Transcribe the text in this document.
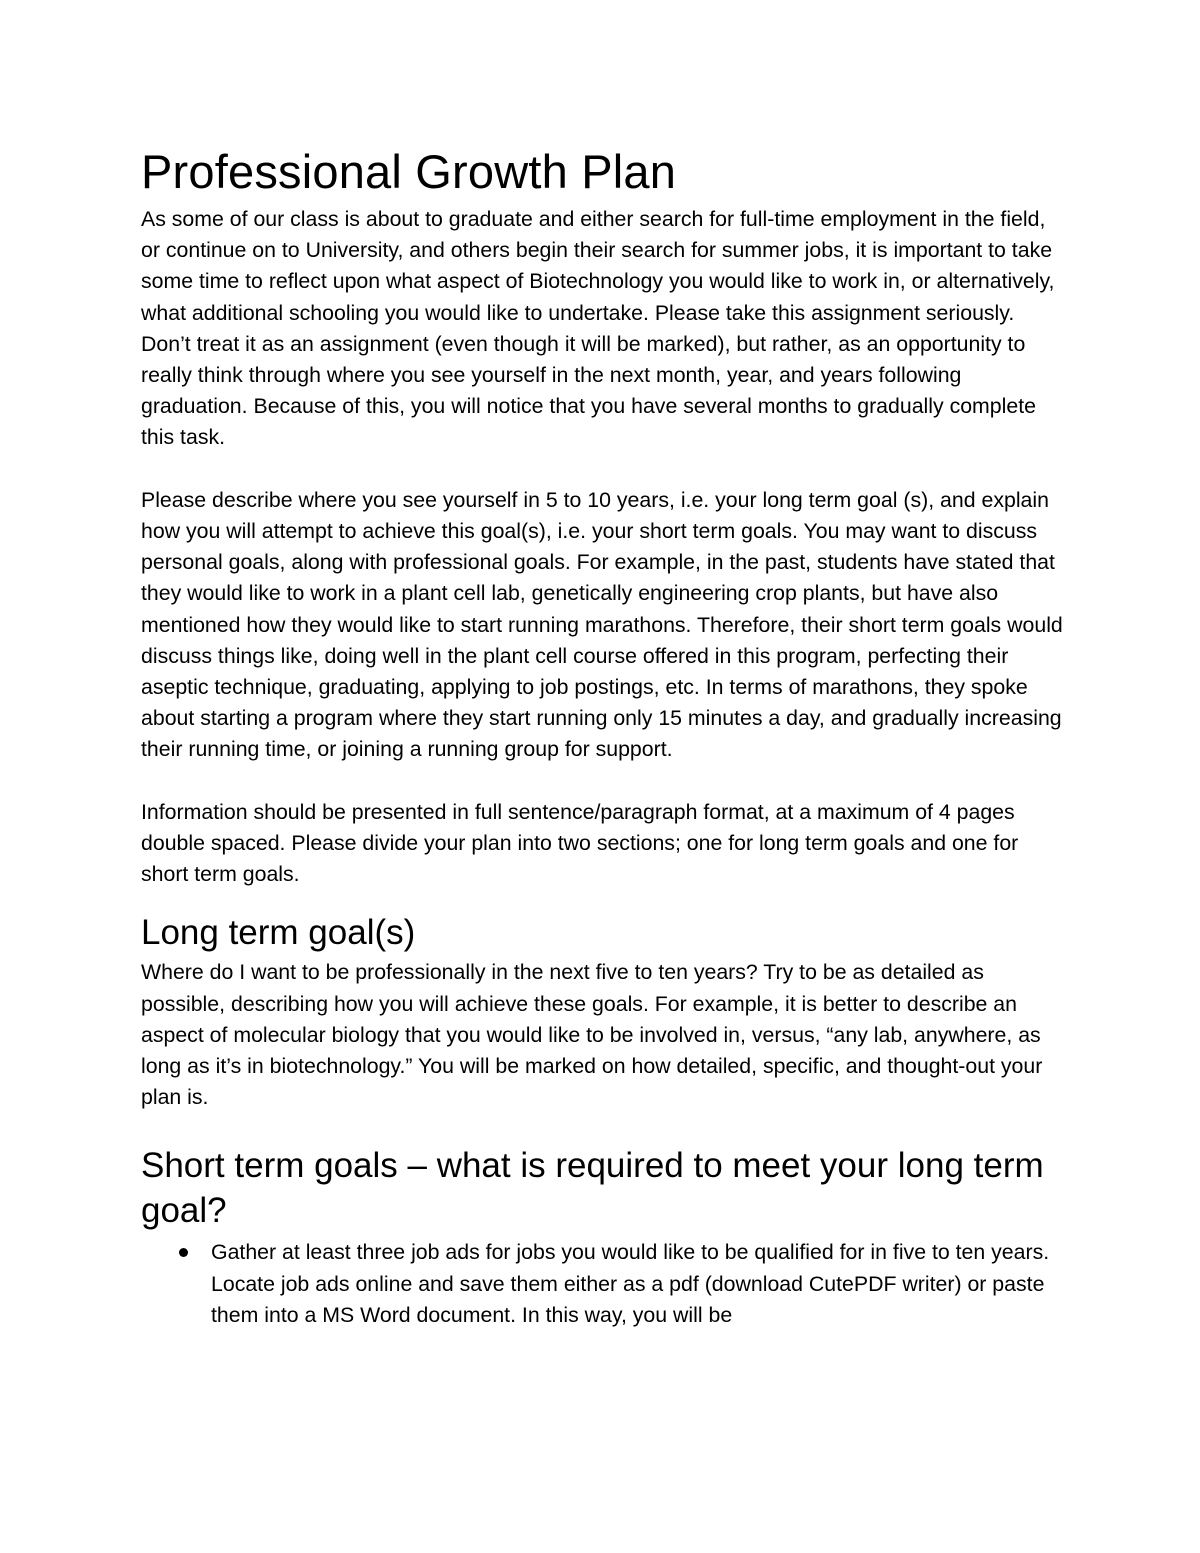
Professional Growth Plan

As some of our class is about to graduate and either search for full-time employment in the field, or continue on to University, and others begin their search for summer jobs, it is important to take some time to reflect upon what aspect of Biotechnology you would like to work in, or alternatively, what additional schooling you would like to undertake. Please take this assignment seriously. Don’t treat it as an assignment (even though it will be marked), but rather, as an opportunity to really think through where you see yourself in the next month, year, and years following graduation. Because of this, you will notice that you have several months to gradually complete this task.

Please describe where you see yourself in 5 to 10 years, i.e. your long term goal (s), and explain how you will attempt to achieve this goal(s), i.e. your short term goals. You may want to discuss personal goals, along with professional goals. For example, in the past, students have stated that they would like to work in a plant cell lab, genetically engineering crop plants, but have also mentioned how they would like to start running marathons. Therefore, their short term goals would discuss things like, doing well in the plant cell course offered in this program, perfecting their aseptic technique, graduating, applying to job postings, etc. In terms of marathons, they spoke about starting a program where they start running only 15 minutes a day, and gradually increasing their running time, or joining a running group for support.

Information should be presented in full sentence/paragraph format, at a maximum of 4 pages double spaced. Please divide your plan into two sections; one for long term goals and one for short term goals.

Long term goal(s)

Where do I want to be professionally in the next five to ten years? Try to be as detailed as possible, describing how you will achieve these goals. For example, it is better to describe an aspect of molecular biology that you would like to be involved in, versus, “any lab, anywhere, as long as it’s in biotechnology.” You will be marked on how detailed, specific, and thought-out your plan is.

Short term goals – what is required to meet your long term goal?
Gather at least three job ads for jobs you would like to be qualified for in five to ten years. Locate job ads online and save them either as a pdf (download CutePDF writer) or paste them into a MS Word document. In this way, you will be
